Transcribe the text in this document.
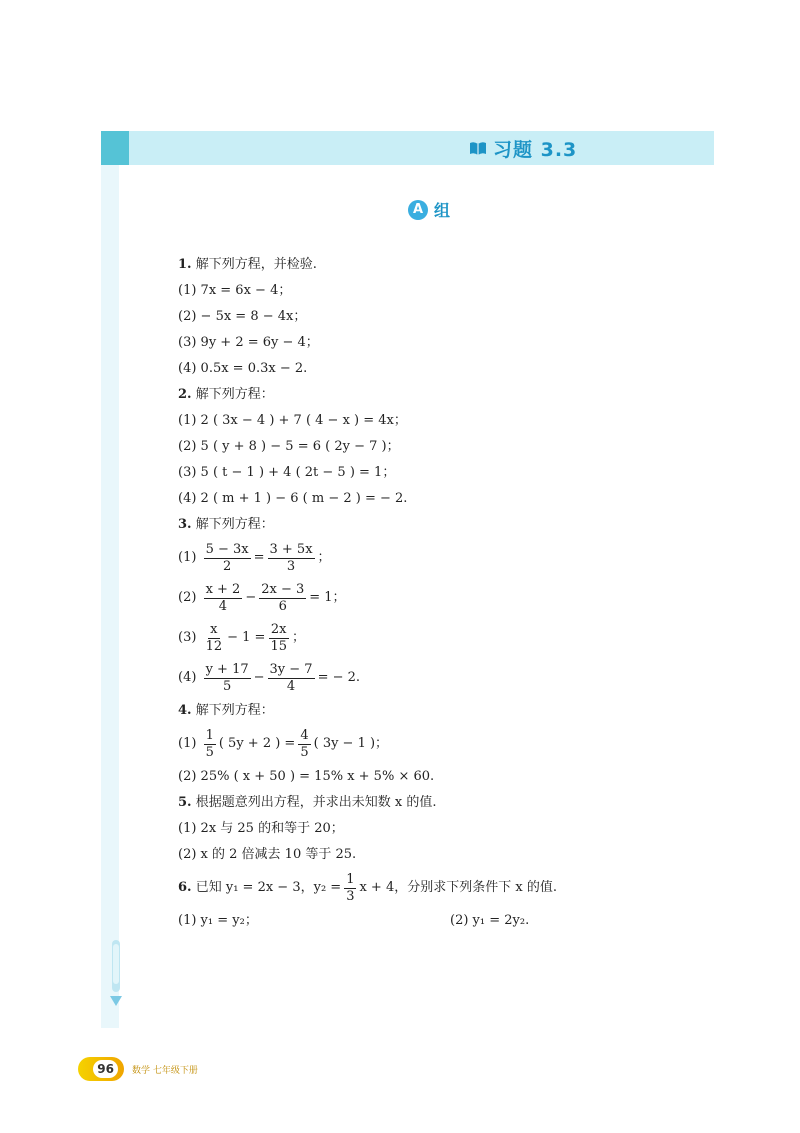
习题 3.3
A 组
1. 解下列方程，并检验.
(1) 7x = 6x − 4；
(2) − 5x = 8 − 4x；
(3) 9y + 2 = 6y − 4；
(4) 0.5x = 0.3x − 2.
2. 解下列方程：
(1) 2 ( 3x − 4 ) + 7 ( 4 − x ) = 4x；
(2) 5 ( y + 8 ) − 5 = 6 ( 2y − 7 )；
(3) 5 ( t − 1 ) + 4 ( 2t − 5 ) = 1；
(4) 2 ( m + 1 ) − 6 ( m − 2 ) = − 2.
3. 解下列方程：
(1)
$\frac{5 - 3x}{2} = \frac{3 + 5x}{3}$ ；
(2)
$\frac{x + 2}{4} - \frac{2x - 3}{6} = 1$；
(3)
$\frac{x}{12} - 1 = \frac{2x}{15}$ ；
(4)
$\frac{y + 17}{5} - \frac{3y - 7}{4}$ = − 2.
4. 解下列方程：
(1)
$\frac{1}{5}$ ( 5y + 2 ) = $\frac{4}{5}$ ( 3y − 1 )；
(2) 25% ( x + 50 ) = 15% x + 5% × 60.
5. 根据题意列出方程，并求出未知数 x 的值.
(1) 2x 与 25 的和等于 20；
(2) x 的 2 倍减去 10 等于 25.
6.
已知 y₁ = 2x − 3，$y_2 = \frac{1}{3}$ x + 4，分别求下列条件下 x 的值.
(1) y₁ = y₂；	(2) y₁ = 2y₂.
96	数学 七年级下册
